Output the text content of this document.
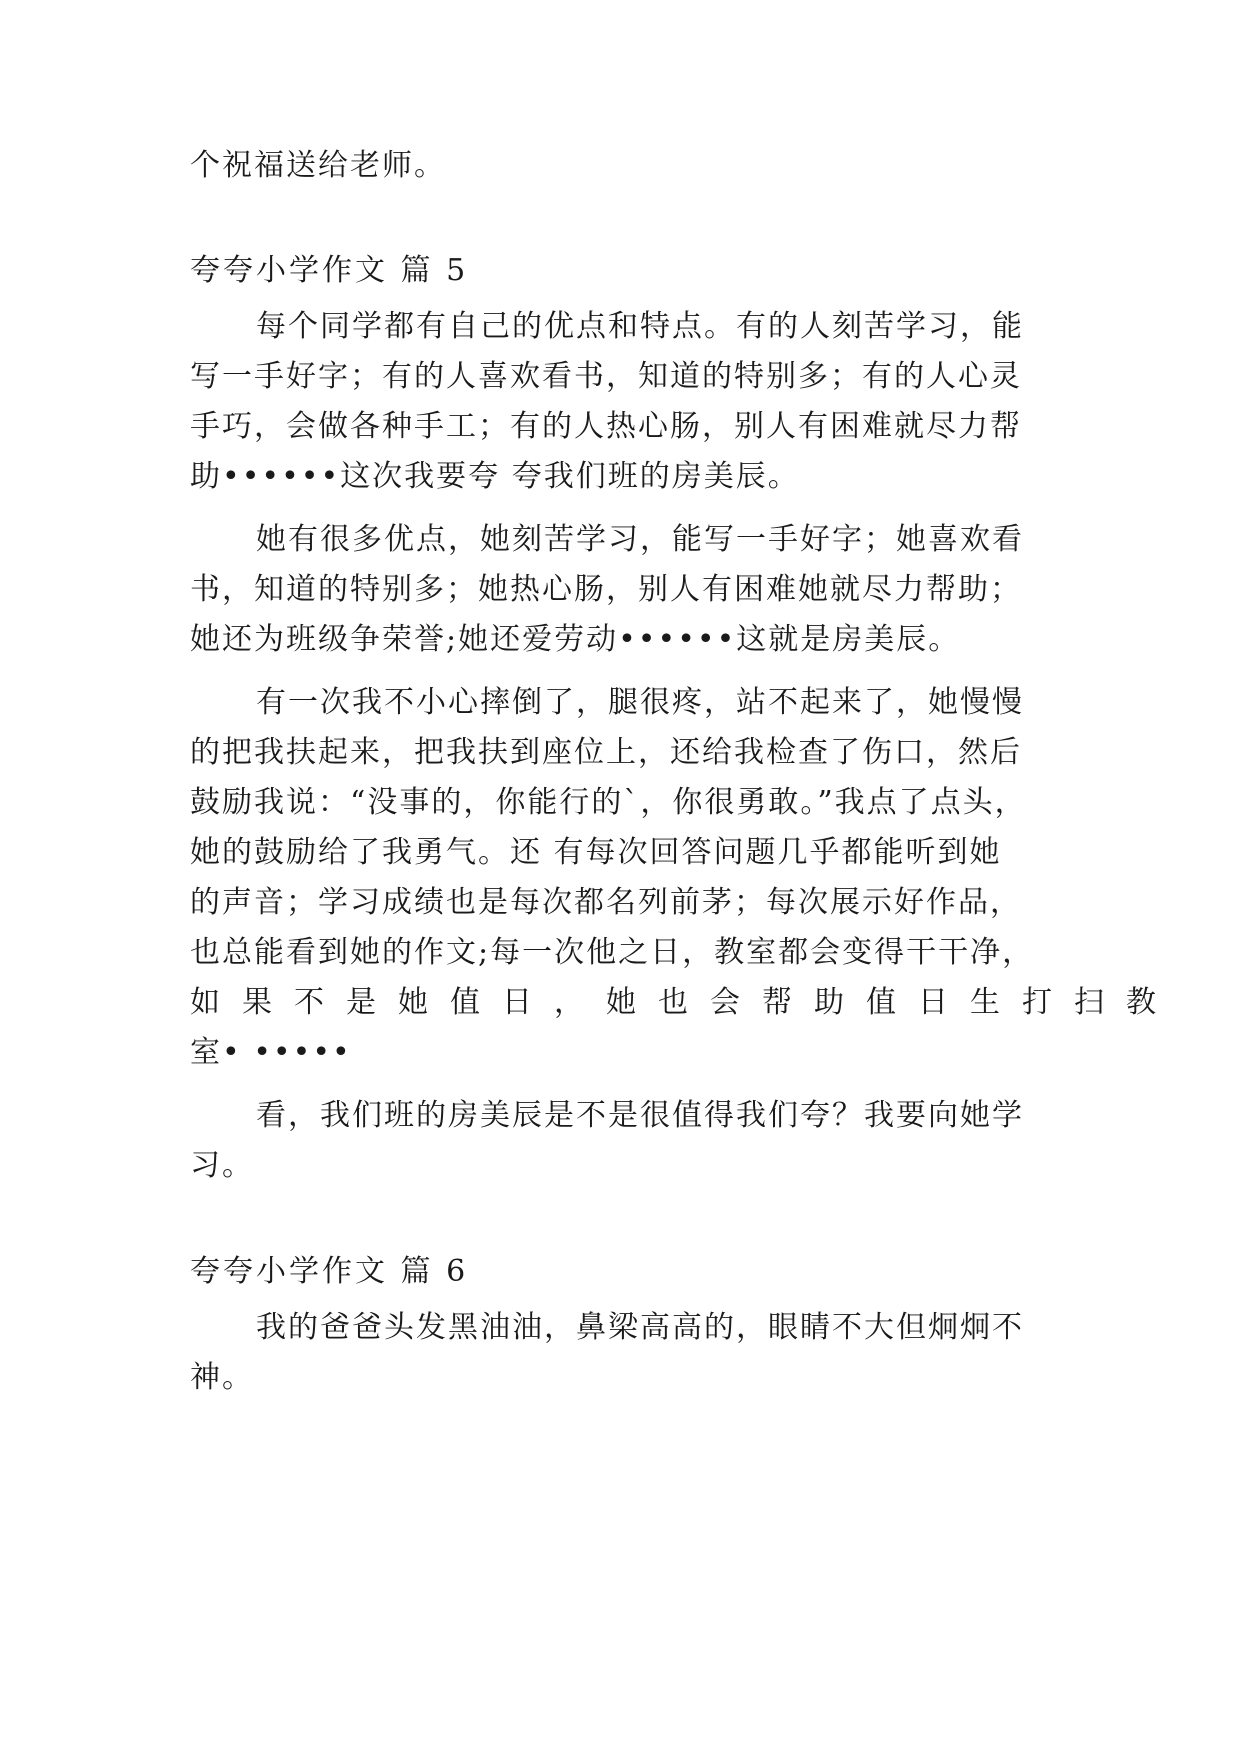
个祝福送给老师。
夸夸小学作文 篇 5
每个同学都有自己的优点和特点。有的人刻苦学习，能
写一手好字；有的人喜欢看书，知道的特别多；有的人心灵
手巧，会做各种手工；有的人热心肠，别人有困难就尽力帮
助••••••这次我要夸 夸我们班的房美辰。
她有很多优点，她刻苦学习，能写一手好字；她喜欢看
书，知道的特别多；她热心肠，别人有困难她就尽力帮助；
她还为班级争荣誉;她还爱劳动••••••这就是房美辰。
有一次我不小心摔倒了，腿很疼，站不起来了，她慢慢
的把我扶起来，把我扶到座位上，还给我检查了伤口，然后
鼓励我说：“没事的，你能行的`，你很勇敢。”我点了点头，
她的鼓励给了我勇气。还 有每次回答问题几乎都能听到她
的声音；学习成绩也是每次都名列前茅；每次展示好作品，
也总能看到她的作文;每一次他之日，教室都会变得干干净，
如果不是她值日，她也会帮助值日生打扫教
室• •••••
看，我们班的房美辰是不是很值得我们夸？我要向她学
习。
夸夸小学作文 篇 6
我的爸爸头发黑油油，鼻梁高高的，眼睛不大但炯炯不
神。
